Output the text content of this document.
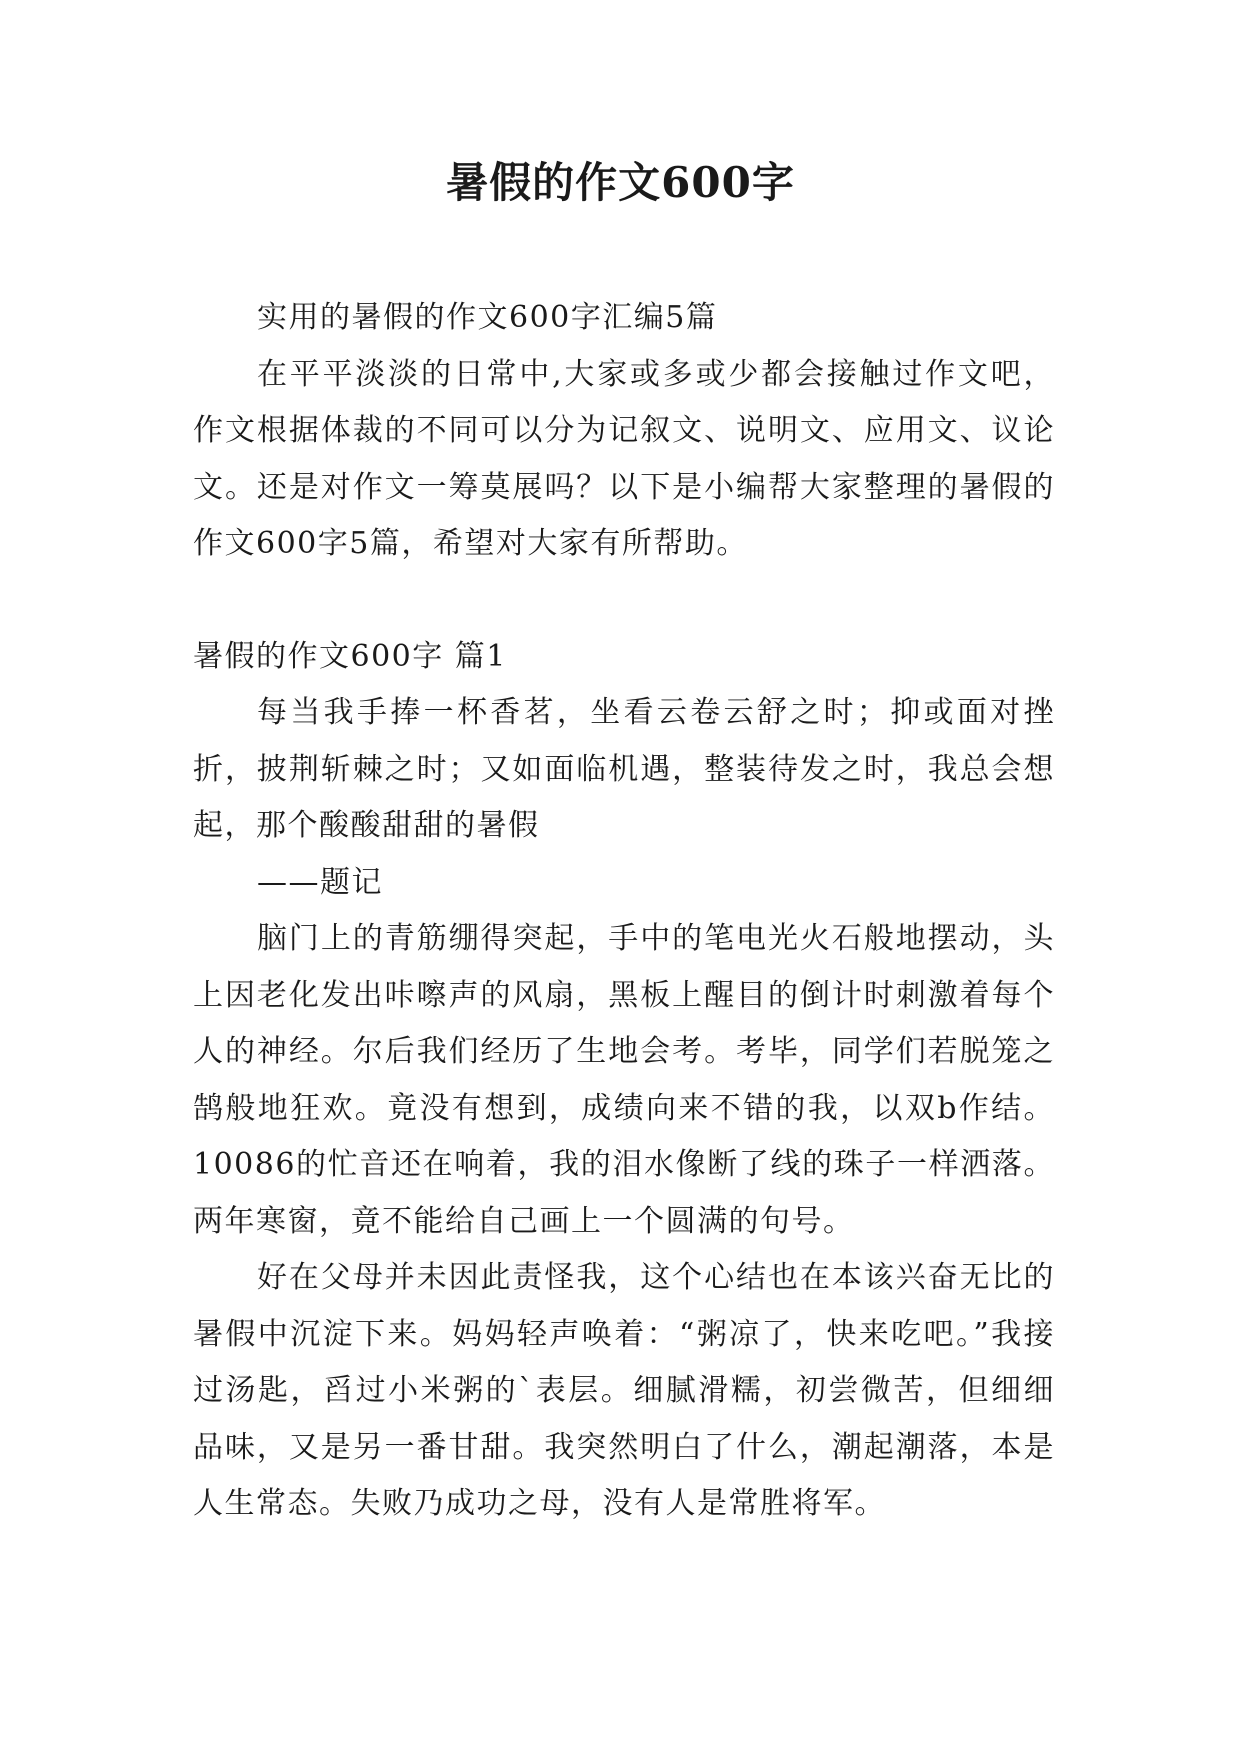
暑假的作文600字

实用的暑假的作文600字汇编5篇

在平平淡淡的日常中,大家或多或少都会接触过作文吧，作文根据体裁的不同可以分为记叙文、说明文、应用文、议论文。还是对作文一筹莫展吗？以下是小编帮大家整理的暑假的作文600字5篇，希望对大家有所帮助。

暑假的作文600字 篇1

每当我手捧一杯香茗，坐看云卷云舒之时；抑或面对挫折，披荆斩棘之时；又如面临机遇，整装待发之时，我总会想起，那个酸酸甜甜的暑假

——题记

脑门上的青筋绷得突起，手中的笔电光火石般地摆动，头上因老化发出咔嚓声的风扇，黑板上醒目的倒计时刺激着每个人的神经。尔后我们经历了生地会考。考毕，同学们若脱笼之鹄般地狂欢。竟没有想到，成绩向来不错的我，以双b作结。10086的忙音还在响着，我的泪水像断了线的珠子一样洒落。两年寒窗，竟不能给自己画上一个圆满的句号。

好在父母并未因此责怪我，这个心结也在本该兴奋无比的暑假中沉淀下来。妈妈轻声唤着：“粥凉了，快来吃吧。”我接过汤匙，舀过小米粥的`表层。细腻滑糯，初尝微苦，但细细品味，又是另一番甘甜。我突然明白了什么，潮起潮落，本是人生常态。失败乃成功之母，没有人是常胜将军。
